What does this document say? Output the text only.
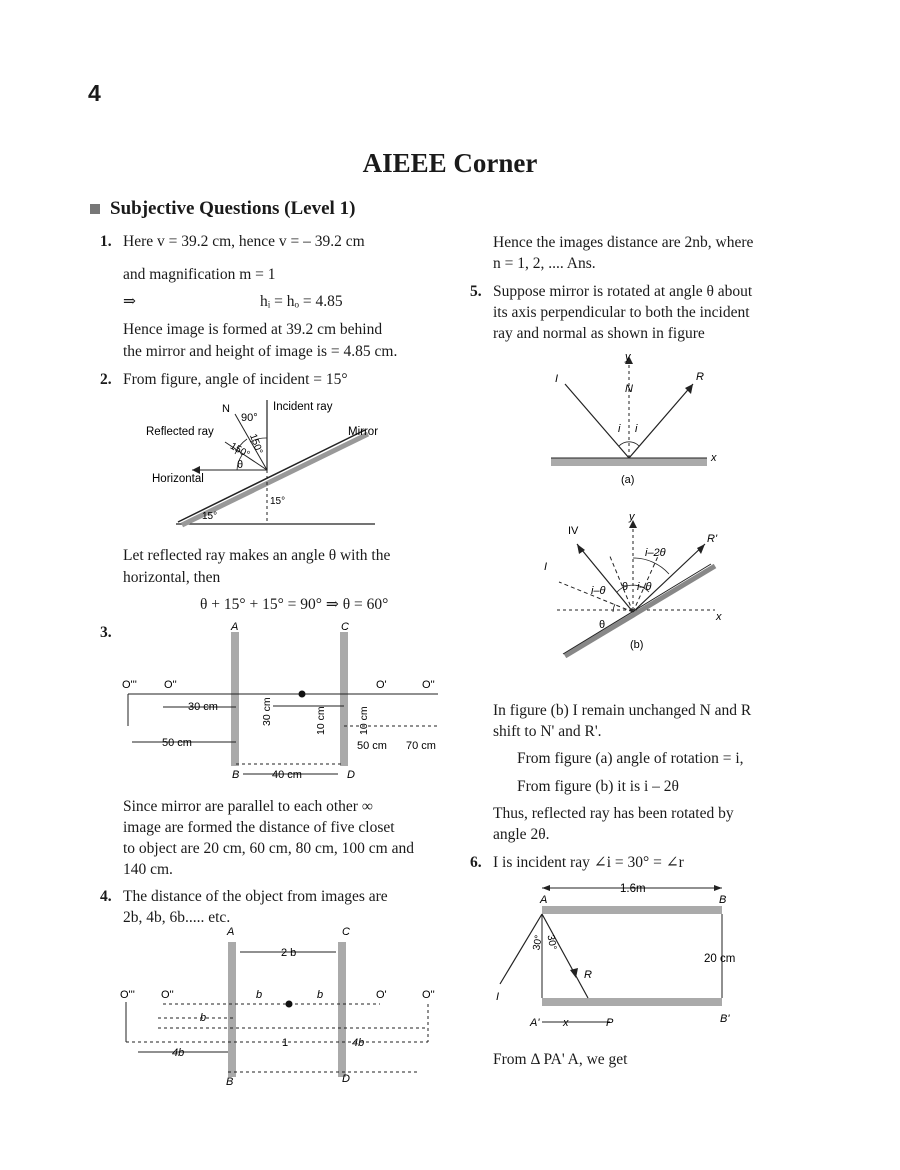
4
AIEEE Corner
Subjective Questions (Level 1)
1. Here v = 39.2 cm, hence v = – 39.2 cm
and magnification m = 1
⇒	hᵢ = hₒ = 4.85
Hence image is formed at 39.2 cm behind
the mirror and height of image is = 4.85 cm.
2. From figure, angle of incident = 15°
N
90°
Incident ray
Reflected ray	Mirror
150°
150°
θ
Horizontal
15°
15°
Let reflected ray makes an angle θ with the
horizontal, then
θ + 15° + 15° = 90° ⇒ θ = 60°
3.	A	C
B	D
O''' O''	O'	O''
30 cm
50 cm
30 cm	10 cm	10 cm
50 cm 70 cm
40 cm
Since mirror are parallel to each other ∞
image are formed the distance of five closet
to object are 20 cm, 60 cm, 80 cm, 100 cm and
140 cm.
4. The distance of the object from images are
2b, 4b, 6b..... etc.
A	C
2 b
B	D
O''' O''	O'	O''
b	b
b
1	4b
4b
Hence the images distance are 2nb, where
n = 1, 2, .... Ans.
5. Suppose mirror is rotated at angle θ about
its axis perpendicular to both the incident
ray and normal as shown in figure
y
I
N
R
i i
x
(a)
y
IV
R'
i–2θ
I
i–θ θ i–θ
θ
x
(b)
In figure (b) I remain unchanged N and R
shift to N' and R'.
From figure (a) angle of rotation = i,
From figure (b) it is i – 2θ
Thus, reflected ray has been rotated by
angle 2θ.
6. I is incident ray ∠i = 30° = ∠r
1.6m
A	B
20 cm
30° 30°
R
I
A' x	P	B'
From Δ PA' A, we get
